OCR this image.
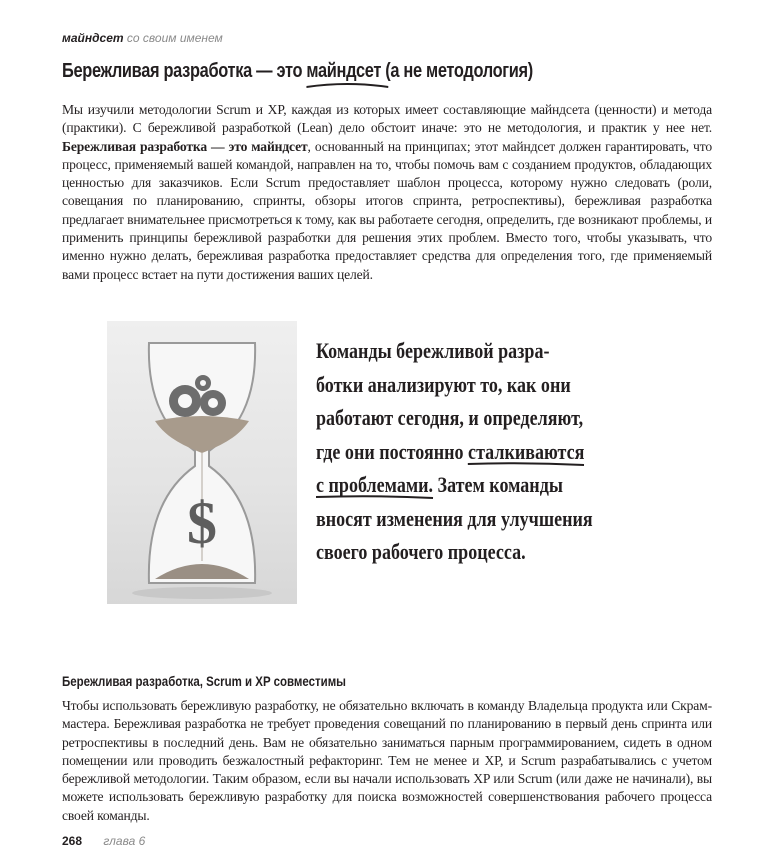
майндсет со своим именем
Бережливая разработка — это майндсет (а не методология)
Мы изучили методологии Scrum и XP, каждая из которых имеет составляющие майндсета (ценности) и метода (практики). С бережливой разработкой (Lean) дело обстоит иначе: это не методология, и практик у нее нет. Бережливая разработка — это майндсет, основанный на принципах; этот майндсет должен гарантировать, что процесс, применяемый вашей командой, направлен на то, чтобы помочь вам с созданием продуктов, обладающих ценностью для заказчиков. Если Scrum предоставляет шаблон процесса, которому нужно следовать (роли, совещания по планированию, спринты, обзоры итогов спринта, ретроспективы), бережливая разработка предлагает внимательнее присмотреться к тому, как вы работаете сегодня, определить, где возникают проблемы, и применить принципы бережливой разработки для решения этих проблем. Вместо того, чтобы указывать, что именно нужно делать, бережливая разработка предоставляет средства для определения того, где применяемый вами процесс встает на пути достижения ваших целей.
$
Команды бережливой разра-
ботки анализируют то, как они
работают сегодня, и определяют,
где они постоянно сталкиваются
с проблемами.
Затем команды
вносят изменения для улучшения
своего рабочего процесса.
Бережливая разработка, Scrum и XP совместимы
Чтобы использовать бережливую разработку, не обязательно включать в команду Владельца продукта или Скрам-мастера. Бережливая разработка не требует проведения совещаний по планированию в первый день спринта или ретроспективы в последний день. Вам не обязательно заниматься парным программированием, сидеть в одном помещении или проводить безжалостный рефакторинг. Тем не менее и XP, и Scrum разрабатывались с учетом бережливой методологии. Таким образом, если вы начали использовать XP или Scrum (или даже не начинали), вы можете использовать бережливую разработку для поиска возможностей совершенствования рабочего процесса своей команды.
268 глава 6
